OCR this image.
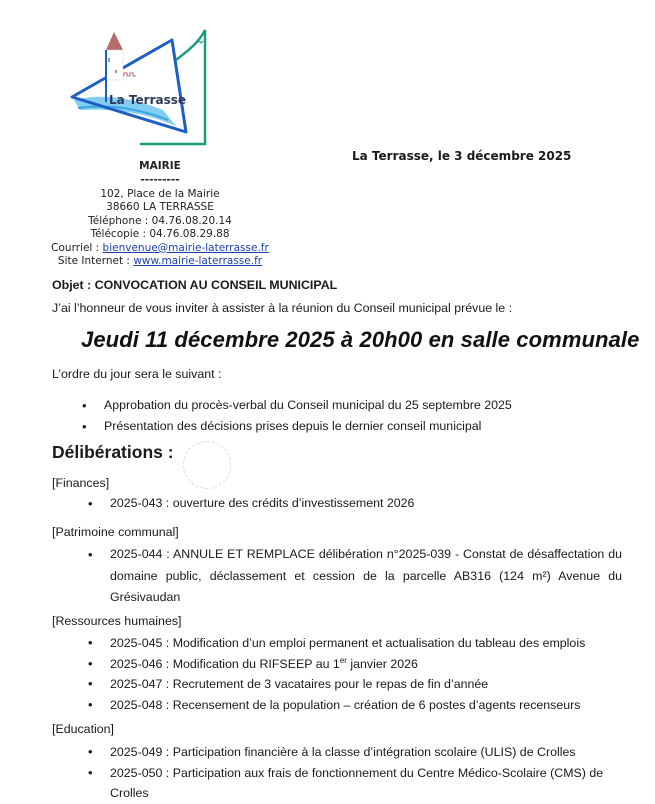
La Terrasse
MAIRIE
---------
102, Place de la Mairie
38660 LA TERRASSE
Téléphone : 04.76.08.20.14
Télécopie : 04.76.08.29.88
Courriel : bienvenue@mairie-laterrasse.fr
Site Internet : www.mairie-laterrasse.fr
La Terrasse, le 3 décembre 2025
Objet : CONVOCATION AU CONSEIL MUNICIPAL
J’ai l’honneur de vous inviter à assister à la réunion du Conseil municipal prévue le :
Jeudi 11 décembre 2025 à 20h00 en salle communale
L’ordre du jour sera le suivant :
• Approbation du procès-verbal du Conseil municipal du 25 septembre 2025
• Présentation des décisions prises depuis le dernier conseil municipal
Délibérations :
[Finances]
• 2025-043 : ouverture des crédits d’investissement 2026
[Patrimoine communal]
• 2025-044 : ANNULE ET REMPLACE délibération n°2025-039 - Constat de désaffectation du domaine public, déclassement et cession de la parcelle AB316 (124 m²) Avenue du Grésivaudan
[Ressources humaines]
• 2025-045 : Modification d’un emploi permanent et actualisation du tableau des emplois
• 2025-046 : Modification du RIFSEEP au 1er janvier 2026
• 2025-047 : Recrutement de 3 vacataires pour le repas de fin d’année
• 2025-048 : Recensement de la population – création de 6 postes d’agents recenseurs
[Education]
• 2025-049 : Participation financière à la classe d’intégration scolaire (ULIS) de Crolles
• 2025-050 : Participation aux frais de fonctionnement du Centre Médico-Scolaire (CMS) de Crolles
